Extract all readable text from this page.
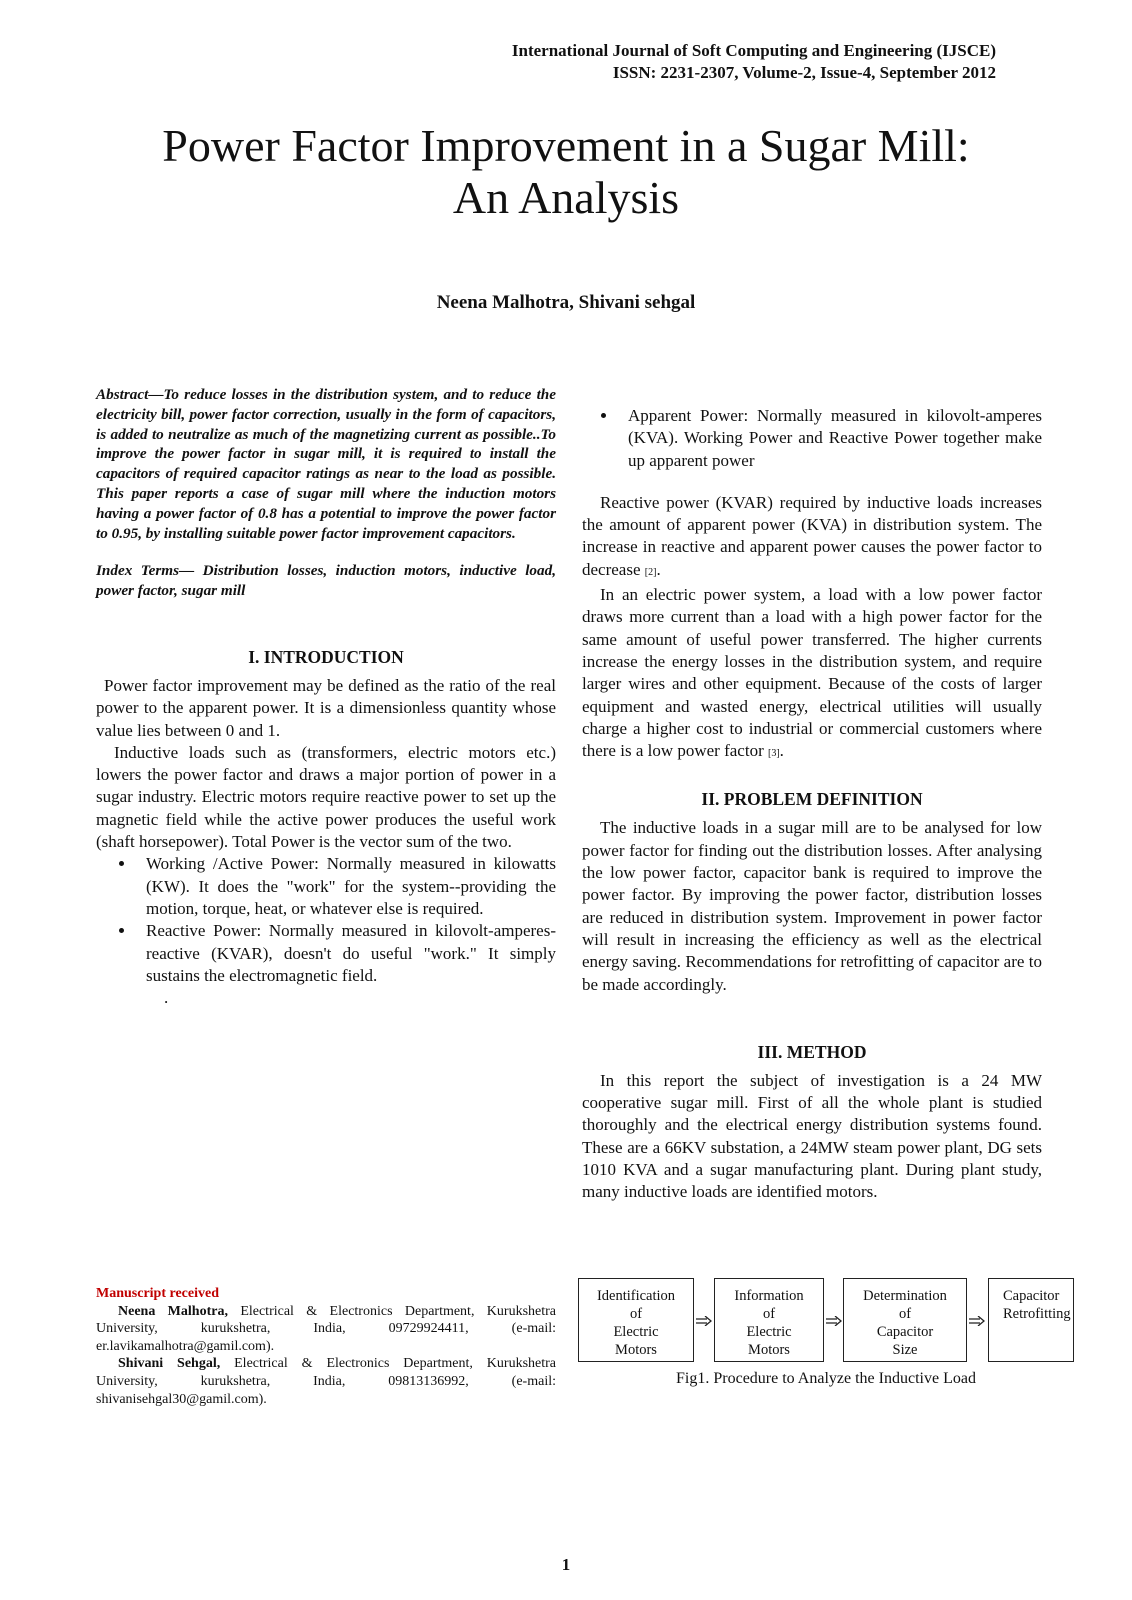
International Journal of Soft Computing and Engineering (IJSCE)
ISSN: 2231-2307, Volume-2, Issue-4, September 2012
Power Factor Improvement in a Sugar Mill:
An Analysis
Neena Malhotra, Shivani sehgal

Abstract—To reduce losses in the distribution system, and to reduce the electricity bill, power factor correction, usually in the form of capacitors, is added to neutralize as much of the magnetizing current as possible..To improve the power factor in sugar mill, it is required to install the capacitors of required capacitor ratings as near to the load as possible. This paper reports a case of sugar mill where the induction motors having a power factor of 0.8 has a potential to improve the power factor to 0.95, by installing suitable power factor improvement capacitors.

Index Terms— Distribution losses, induction motors, inductive load, power factor, sugar mill

I. INTRODUCTION

Power factor improvement may be defined as the ratio of the real power to the apparent power. It is a dimensionless quantity whose value lies between 0 and 1.

Inductive loads such as (transformers, electric motors etc.) lowers the power factor and draws a major portion of power in a sugar industry. Electric motors require reactive power to set up the magnetic field while the active power produces the useful work (shaft horsepower). Total Power is the vector sum of the two.

• Working /Active Power: Normally measured in kilowatts (KW). It does the "work" for the system--providing the motion, torque, heat, or whatever else is required.
• Reactive Power: Normally measured in kilovolt-amperes-reactive (KVAR), doesn't do useful "work." It simply sustains the electromagnetic field.
.
• Apparent Power: Normally measured in kilovolt-amperes (KVA). Working Power and Reactive Power together make up apparent power

Reactive power (KVAR) required by inductive loads increases the amount of apparent power (KVA) in distribution system. The increase in reactive and apparent power causes the power factor to decrease [2].

In an electric power system, a load with a low power factor draws more current than a load with a high power factor for the same amount of useful power transferred. The higher currents increase the energy losses in the distribution system, and require larger wires and other equipment. Because of the costs of larger equipment and wasted energy, electrical utilities will usually charge a higher cost to industrial or commercial customers where there is a low power factor [3].

II. PROBLEM DEFINITION

The inductive loads in a sugar mill are to be analysed for low power factor for finding out the distribution losses. After analysing the low power factor, capacitor bank is required to improve the power factor. By improving the power factor, distribution losses are reduced in distribution system. Improvement in power factor will result in increasing the efficiency as well as the electrical energy saving. Recommendations for retrofitting of capacitor are to be made accordingly.

III. METHOD

In this report the subject of investigation is a 24 MW cooperative sugar mill. First of all the whole plant is studied thoroughly and the electrical energy distribution systems found. These are a 66KV substation, a 24MW steam power plant, DG sets 1010 KVA and a sugar manufacturing plant. During plant study, many inductive loads are identified motors.

Manuscript received

Neena Malhotra, Electrical & Electronics Department, Kurukshetra University, kurukshetra, India, 09729924411, (e-mail: er.lavikamalhotra@gamil.com).

Shivani Sehgal, Electrical & Electronics Department, Kurukshetra University, kurukshetra, India, 09813136992, (e-mail: shivanisehgal30@gamil.com).

Identification
of
Electric
Motors
Information
of
Electric
Motors
Determination
of
Capacitor
Size
Capacitor
Retrofitting
Fig1. Procedure to Analyze the Inductive Load
1
